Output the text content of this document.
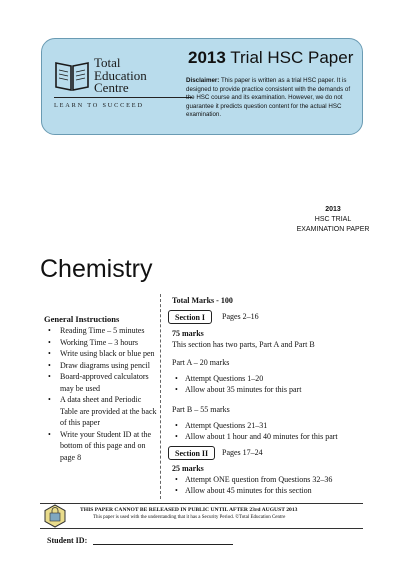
Total
Education
Centre
LEARN TO SUCCEED
2013 Trial HSC Paper
Disclaimer: This paper is written as a trial HSC paper. It is designed to provide practice consistent with the demands of the HSC course and its examination. However, we do not guarantee it predicts question content for the actual HSC examination.
2013
HSC TRIAL
EXAMINATION PAPER
Chemistry
General Instructions
• Reading Time – 5 minutes
• Working Time – 3 hours
• Write using black or blue pen
• Draw diagrams using pencil
• Board-approved calculators may be used
• A data sheet and Periodic Table are provided at the back of this paper
• Write your Student ID at the bottom of this page and on page 8
Total Marks - 100
Section I	Pages 2–16
75 marks
This section has two parts, Part A and Part B
Part A – 20 marks
• Attempt Questions 1–20
• Allow about 35 minutes for this part
Part B – 55 marks
• Attempt Questions 21–31
• Allow about 1 hour and 40 minutes for this part
Section II	Pages 17–24
25 marks
• Attempt ONE question from Questions 32–36
• Allow about 45 minutes for this section
THIS PAPER CANNOT BE RELEASED IN PUBLIC UNTIL AFTER 23rd AUGUST 2013
This paper is used with the understanding that it has a Security Period. ©Total Education Centre
Student ID:
